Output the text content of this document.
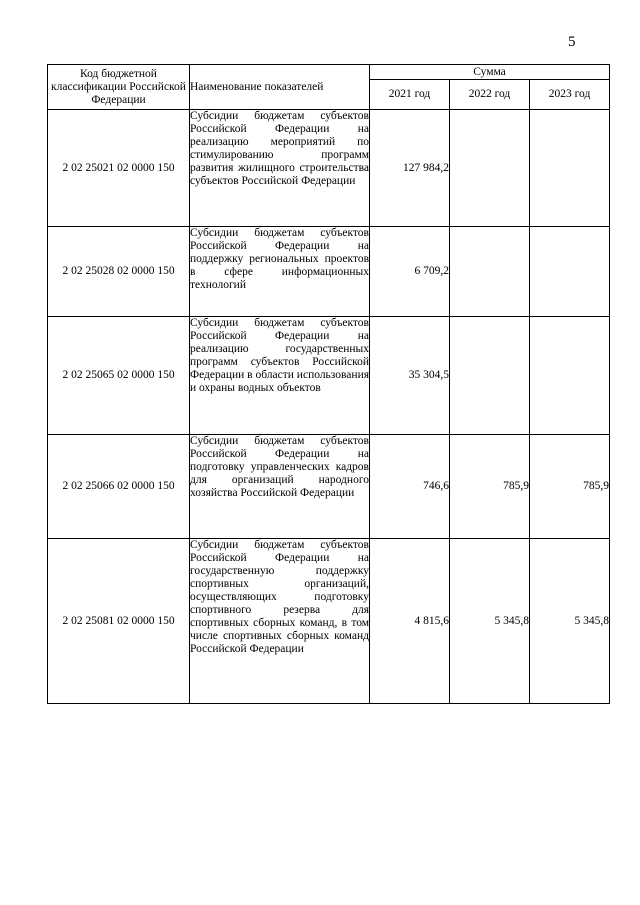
5
Код бюджетной классификации Российской Федерации	Наименование показателей	Сумма		
		2021 год	2022 год	2023 год
2 02 25021 02 0000 150	Субсидии бюджетам субъектов Российской Федерации на реализацию мероприятий по стимулированию программ развития жилищного строительства субъектов Российской Федерации	127 984,2		
2 02 25028 02 0000 150	Субсидии бюджетам субъектов Российской Федерации на поддержку региональных проектов в сфере информационных технологий	6 709,2		
2 02 25065 02 0000 150	Субсидии бюджетам субъектов Российской Федерации на реализацию государственных программ субъектов Российской Федерации в области использования и охраны водных объектов	35 304,5		
2 02 25066 02 0000 150	Субсидии бюджетам субъектов Российской Федерации на подготовку управленческих кадров для организаций народного хозяйства Российской Федерации	746,6	785,9	785,9
2 02 25081 02 0000 150	Субсидии бюджетам субъектов Российской Федерации на государственную поддержку спортивных организаций, осуществляющих подготовку спортивного резерва для спортивных сборных команд, в том числе спортивных сборных команд Российской Федерации	4 815,6	5 345,8	5 345,8
